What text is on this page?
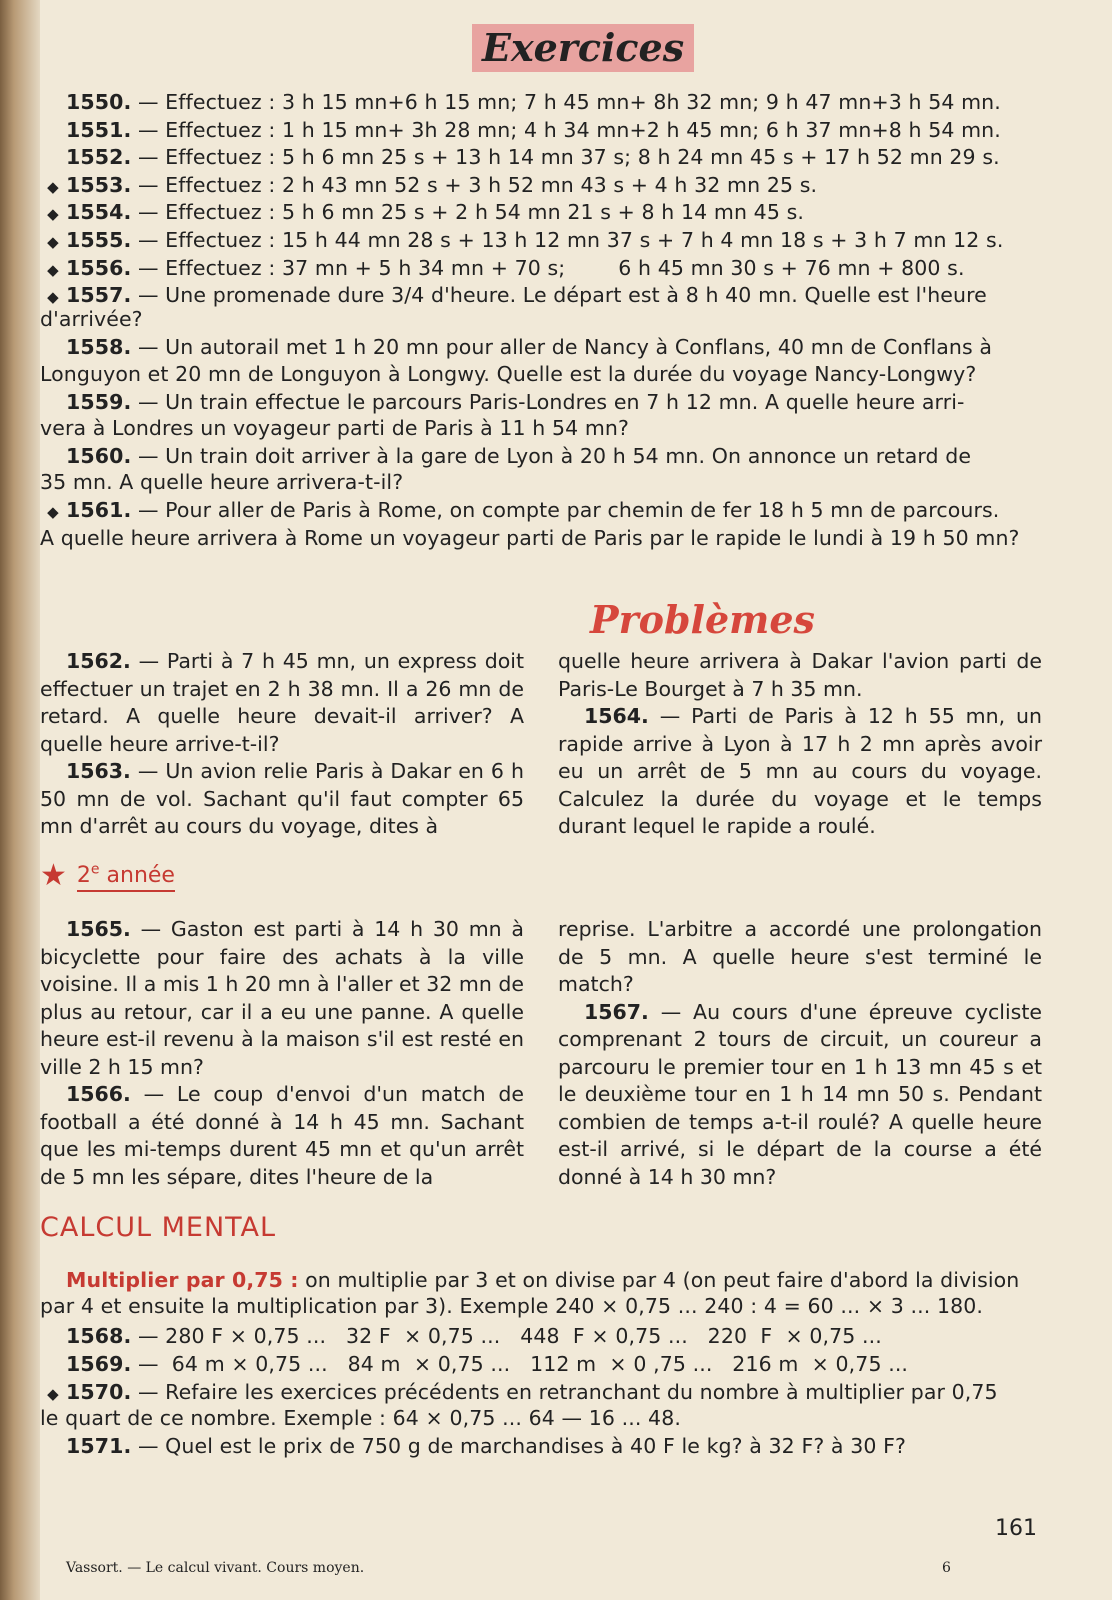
Exercices
1550. — Effectuez : 3 h 15 mn+6 h 15 mn; 7 h 45 mn+ 8h 32 mn; 9 h 47 mn+3 h 54 mn.
1551. — Effectuez : 1 h 15 mn+ 3h 28 mn; 4 h 34 mn+2 h 45 mn; 6 h 37 mn+8 h 54 mn.
1552. — Effectuez : 5 h 6 mn 25 s + 13 h 14 mn 37 s; 8 h 24 mn 45 s + 17 h 52 mn 29 s.
◆ 1553. — Effectuez : 2 h 43 mn 52 s + 3 h 52 mn 43 s + 4 h 32 mn 25 s.
◆ 1554. — Effectuez : 5 h 6 mn 25 s + 2 h 54 mn 21 s + 8 h 14 mn 45 s.
◆ 1555. — Effectuez : 15 h 44 mn 28 s + 13 h 12 mn 37 s + 7 h 4 mn 18 s + 3 h 7 mn 12 s.
◆ 1556. — Effectuez : 37 mn + 5 h 34 mn + 70 s;        6 h 45 mn 30 s + 76 mn + 800 s.
◆ 1557. — Une promenade dure 3/4 d'heure. Le départ est à 8 h 40 mn. Quelle est l'heure
d'arrivée?
1558. — Un autorail met 1 h 20 mn pour aller de Nancy à Conflans, 40 mn de Conflans à
Longuyon et 20 mn de Longuyon à Longwy. Quelle est la durée du voyage Nancy-Longwy?
1559. — Un train effectue le parcours Paris-Londres en 7 h 12 mn. A quelle heure arri-
vera à Londres un voyageur parti de Paris à 11 h 54 mn?
1560. — Un train doit arriver à la gare de Lyon à 20 h 54 mn. On annonce un retard de
35 mn. A quelle heure arrivera-t-il?
◆ 1561. — Pour aller de Paris à Rome, on compte par chemin de fer 18 h 5 mn de parcours.
A quelle heure arrivera à Rome un voyageur parti de Paris par le rapide le lundi à 19 h 50 mn?
Problèmes

1562. — Parti à 7 h 45 mn, un express doit effectuer un trajet en 2 h 38 mn. Il a 26 mn de retard. A quelle heure devait-il arriver? A quelle heure arrive-t-il?

1563. — Un avion relie Paris à Dakar en 6 h 50 mn de vol. Sachant qu'il faut compter 65 mn d'arrêt au cours du voyage, dites à

quelle heure arrivera à Dakar l'avion parti de Paris-Le Bourget à 7 h 35 mn.

1564. — Parti de Paris à 12 h 55 mn, un rapide arrive à Lyon à 17 h 2 mn après avoir eu un arrêt de 5 mn au cours du voyage. Calculez la durée du voyage et le temps durant lequel le rapide a roulé.

★ 2e année

1565. — Gaston est parti à 14 h 30 mn à bicyclette pour faire des achats à la ville voisine. Il a mis 1 h 20 mn à l'aller et 32 mn de plus au retour, car il a eu une panne. A quelle heure est-il revenu à la maison s'il est resté en ville 2 h 15 mn?

1566. — Le coup d'envoi d'un match de football a été donné à 14 h 45 mn. Sachant que les mi-temps durent 45 mn et qu'un arrêt de 5 mn les sépare, dites l'heure de la

reprise. L'arbitre a accordé une prolongation de 5 mn. A quelle heure s'est terminé le match?

1567. — Au cours d'une épreuve cycliste comprenant 2 tours de circuit, un coureur a parcouru le premier tour en 1 h 13 mn 45 s et le deuxième tour en 1 h 14 mn 50 s. Pendant combien de temps a-t-il roulé? A quelle heure est-il arrivé, si le départ de la course a été donné à 14 h 30 mn?

CALCUL MENTAL
Multiplier par 0,75 : on multiplie par 3 et on divise par 4 (on peut faire d'abord la division
par 4 et ensuite la multiplication par 3). Exemple 240 × 0,75 ... 240 : 4 = 60 ... × 3 ... 180.
1568. — 280 F × 0,75 ...   32 F  × 0,75 ...   448  F × 0,75 ...   220  F  × 0,75 ...
1569. —  64 m × 0,75 ...   84 m  × 0,75 ...   112 m  × 0 ,75 ...   216 m  × 0,75 ...
◆ 1570. — Refaire les exercices précédents en retranchant du nombre à multiplier par 0,75
le quart de ce nombre. Exemple : 64 × 0,75 ... 64 — 16 ... 48.
1571. — Quel est le prix de 750 g de marchandises à 40 F le kg? à 32 F? à 30 F?
161
Vassort. — Le calcul vivant. Cours moyen.	6
